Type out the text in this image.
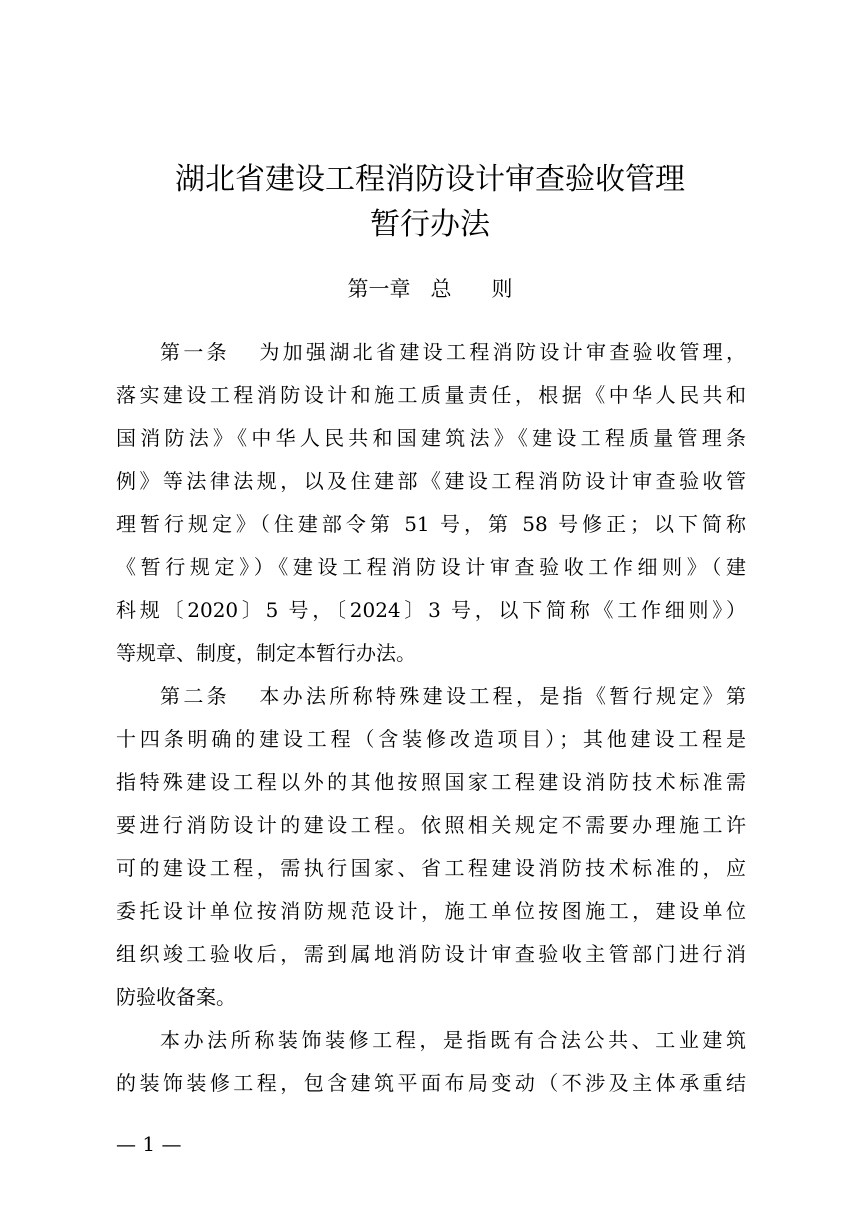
湖北省建设工程消防设计审查验收管理
暂行办法
第一章   总      则
第一条 为加强湖北省建设工程消防设计审查验收管理，
落实建设工程消防设计和施工质量责任，根据《中华人民共和
国消防法》《中华人民共和国建筑法》《建设工程质量管理条
例》等法律法规，以及住建部《建设工程消防设计审查验收管
理暂行规定》（住建部令第 51 号，第 58 号修正；以下简称
《暂行规定》）《建设工程消防设计审查验收工作细则》（建
科规〔2020〕5 号，〔2024〕3 号，以下简称《工作细则》）
等规章、制度，制定本暂行办法。
第二条 本办法所称特殊建设工程，是指《暂行规定》第
十四条明确的建设工程（含装修改造项目）；其他建设工程是
指特殊建设工程以外的其他按照国家工程建设消防技术标准需
要进行消防设计的建设工程。依照相关规定不需要办理施工许
可的建设工程，需执行国家、省工程建设消防技术标准的，应
委托设计单位按消防规范设计，施工单位按图施工，建设单位
组织竣工验收后，需到属地消防设计审查验收主管部门进行消
防验收备案。
本办法所称装饰装修工程，是指既有合法公共、工业建筑
的装饰装修工程，包含建筑平面布局变动（不涉及主体承重结
— 1 —
